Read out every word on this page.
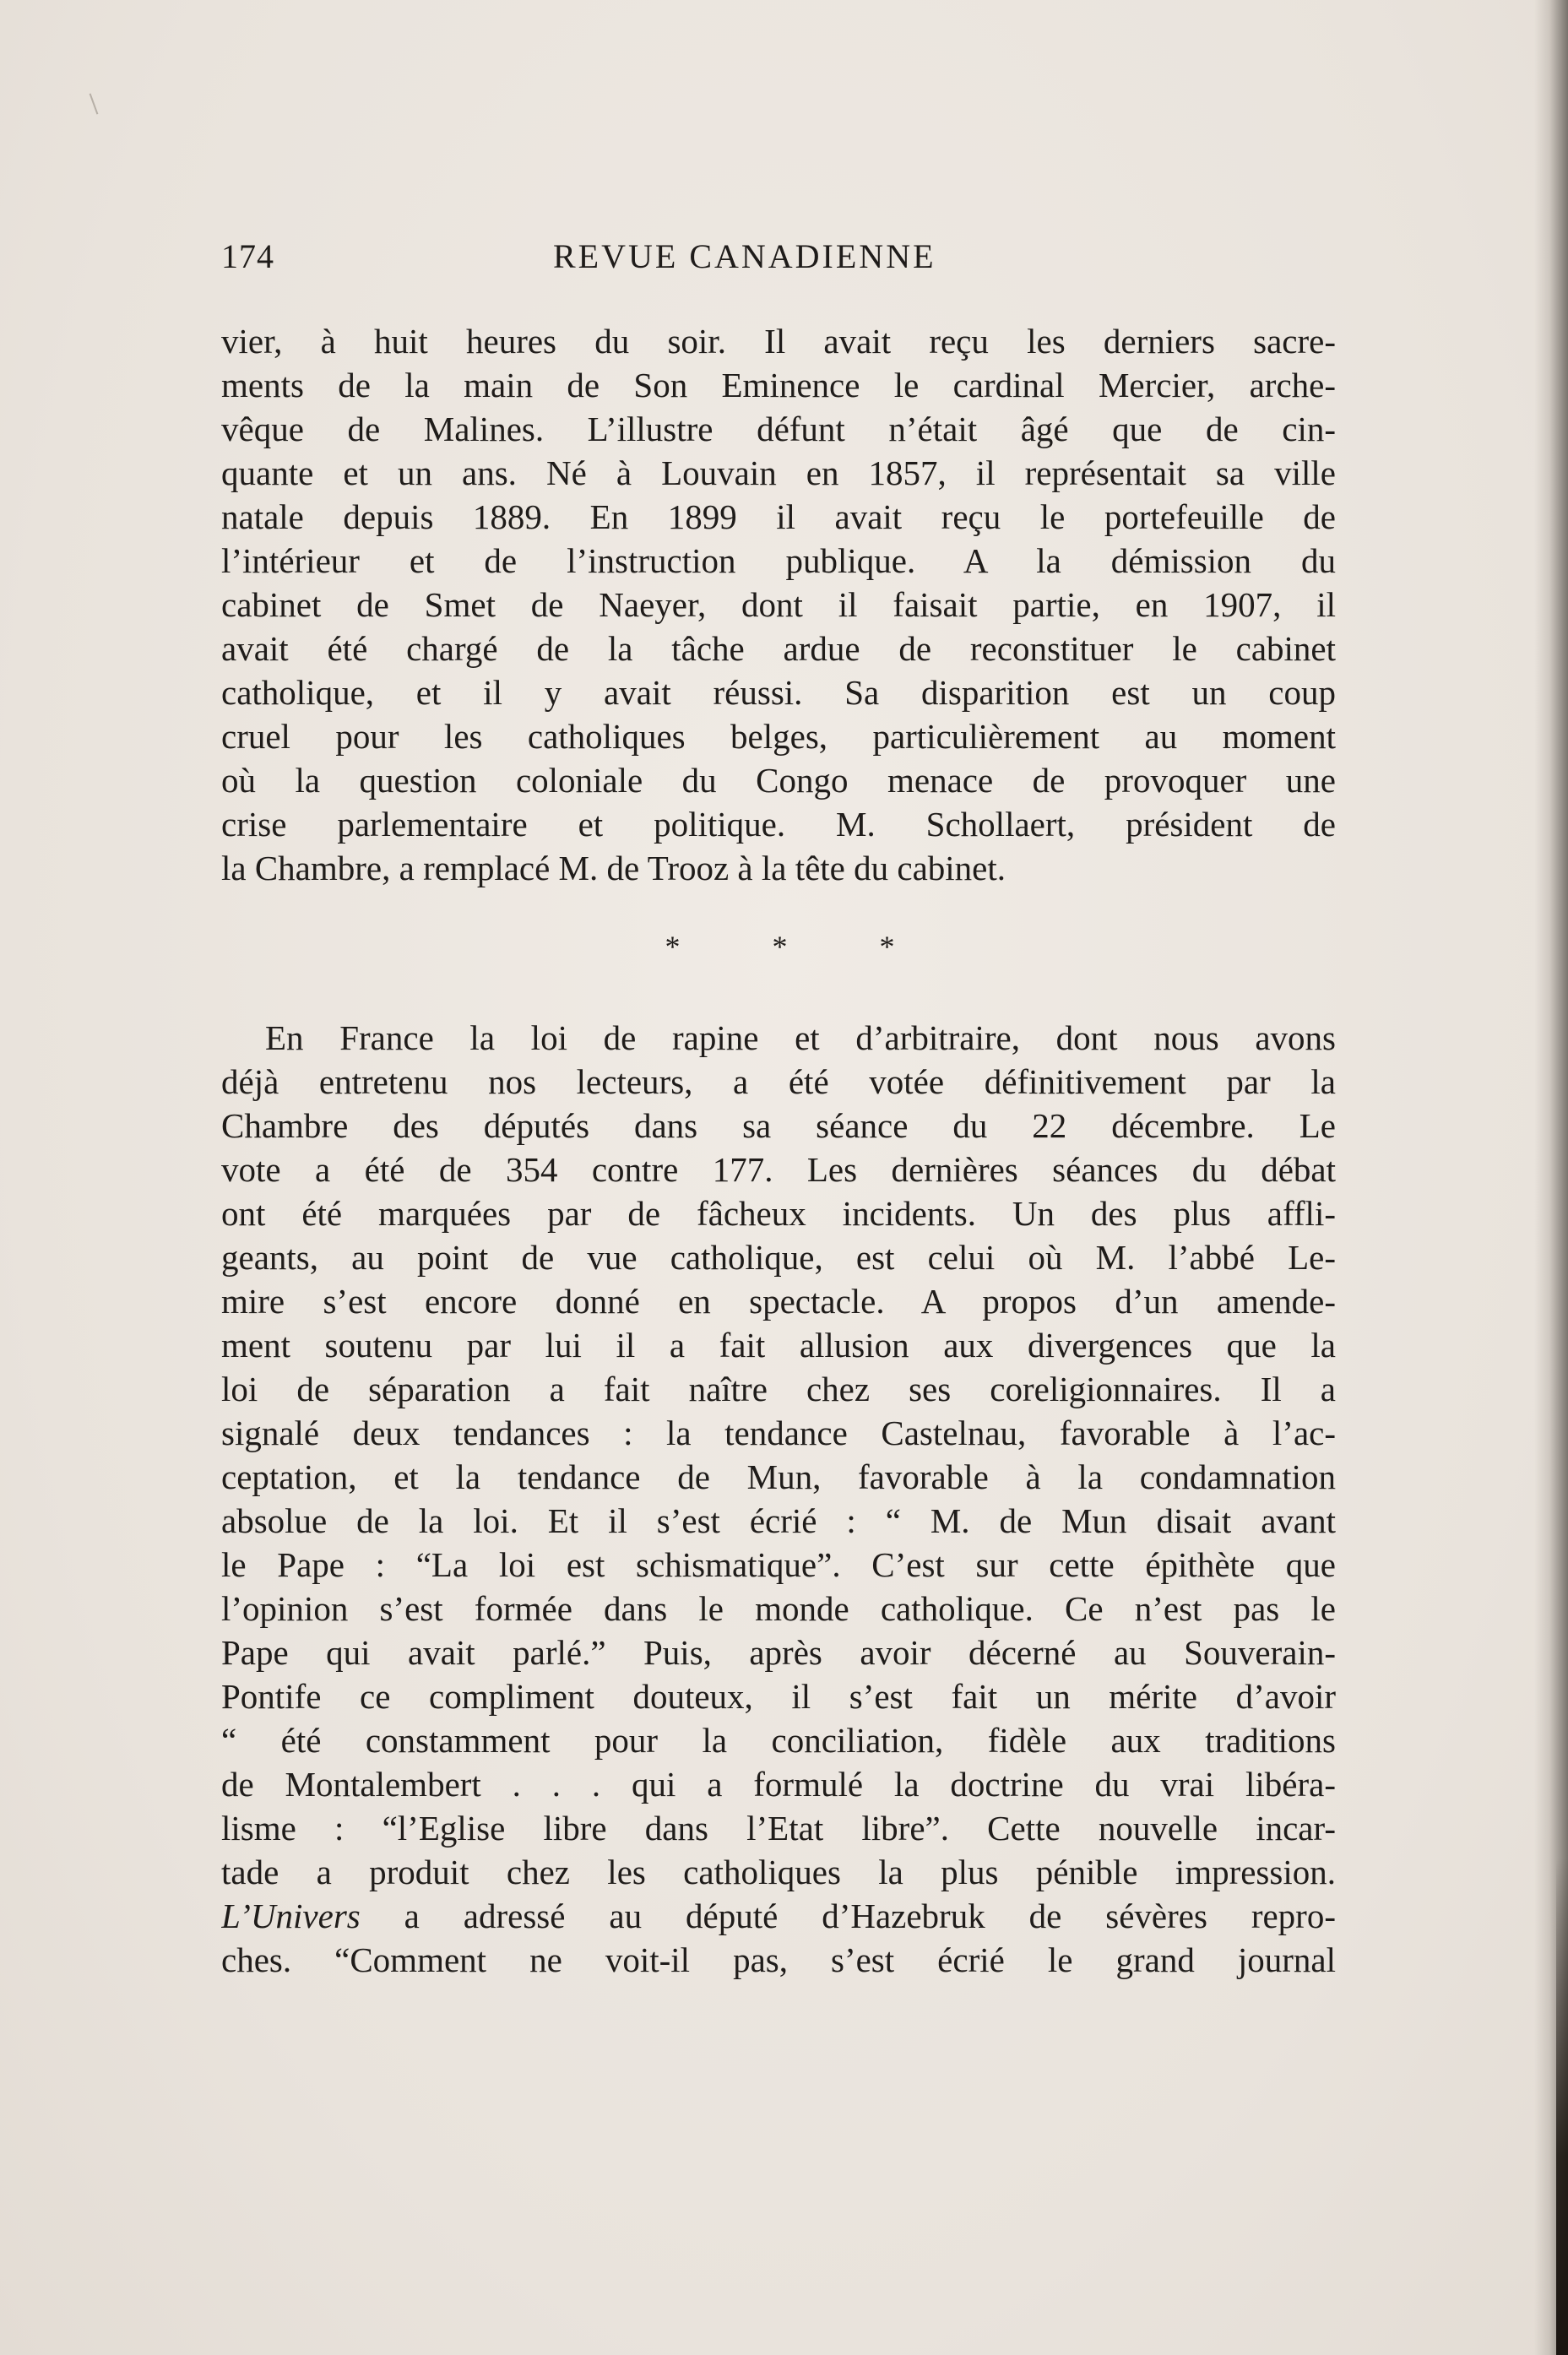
174	REVUE CANADIENNE
vier, à huit heures du soir. Il avait reçu les derniers sacre-
ments de la main de Son Eminence le cardinal Mercier, arche-
vêque de Malines. L’illustre défunt n’était âgé que de cin-
quante et un ans. Né à Louvain en 1857, il représentait sa ville
natale depuis 1889. En 1899 il avait reçu le portefeuille de
l’intérieur et de l’instruction publique. A la démission du
cabinet de Smet de Naeyer, dont il faisait partie, en 1907, il
avait été chargé de la tâche ardue de reconstituer le cabinet
catholique, et il y avait réussi. Sa disparition est un coup
cruel pour les catholiques belges, particulièrement au moment
où la question coloniale du Congo menace de provoquer une
crise parlementaire et politique. M. Schollaert, président de
la Chambre, a remplacé M. de Trooz à la tête du cabinet.
* * *
En France la loi de rapine et d’arbitraire, dont nous avons
déjà entretenu nos lecteurs, a été votée définitivement par la
Chambre des députés dans sa séance du 22 décembre. Le
vote a été de 354 contre 177. Les dernières séances du débat
ont été marquées par de fâcheux incidents. Un des plus affli-
geants, au point de vue catholique, est celui où M. l’abbé Le-
mire s’est encore donné en spectacle. A propos d’un amende-
ment soutenu par lui il a fait allusion aux divergences que la
loi de séparation a fait naître chez ses coreligionnaires. Il a
signalé deux tendances : la tendance Castelnau, favorable à l’ac-
ceptation, et la tendance de Mun, favorable à la condamnation
absolue de la loi. Et il s’est écrié : “ M. de Mun disait avant
le Pape : “La loi est schismatique”. C’est sur cette épithète que
l’opinion s’est formée dans le monde catholique. Ce n’est pas le
Pape qui avait parlé.” Puis, après avoir décerné au Souverain-
Pontife ce compliment douteux, il s’est fait un mérite d’avoir
“ été constamment pour la conciliation, fidèle aux traditions
de Montalembert . . . qui a formulé la doctrine du vrai libéra-
lisme : “l’Eglise libre dans l’Etat libre”. Cette nouvelle incar-
tade a produit chez les catholiques la plus pénible impression.
L’Univers a adressé au député d’Hazebruk de sévères repro-
ches. “Comment ne voit-il pas, s’est écrié le grand journal
